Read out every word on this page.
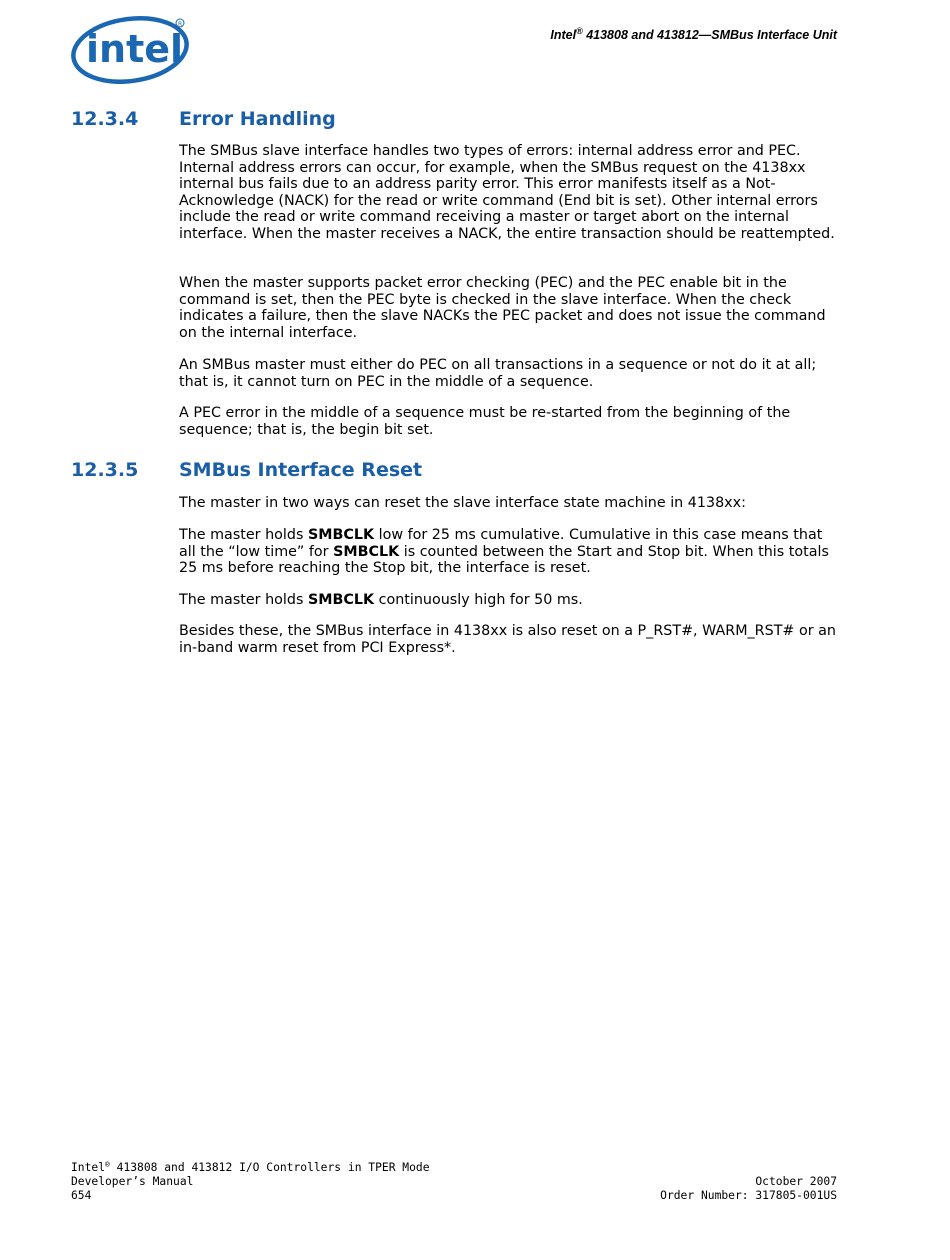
intel
R
Intel® 413808 and 413812—SMBus Interface Unit
12.3.4 Error Handling

The SMBus slave interface handles two types of errors: internal address error and PEC. Internal address errors can occur, for example, when the SMBus request on the 4138xx internal bus fails due to an address parity error. This error manifests itself as a Not-Acknowledge (NACK) for the read or write command (End bit is set). Other internal errors include the read or write command receiving a master or target abort on the internal interface. When the master receives a NACK, the entire transaction should be reattempted.

When the master supports packet error checking (PEC) and the PEC enable bit in the command is set, then the PEC byte is checked in the slave interface. When the check indicates a failure, then the slave NACKs the PEC packet and does not issue the command on the internal interface.

An SMBus master must either do PEC on all transactions in a sequence or not do it at all; that is, it cannot turn on PEC in the middle of a sequence.

A PEC error in the middle of a sequence must be re-started from the beginning of the sequence; that is, the begin bit set.

12.3.5 SMBus Interface Reset

The master in two ways can reset the slave interface state machine in 4138xx:

The master holds SMBCLK low for 25 ms cumulative. Cumulative in this case means that all the “low time” for SMBCLK is counted between the Start and Stop bit. When this totals 25 ms before reaching the Stop bit, the interface is reset.

The master holds SMBCLK continuously high for 50 ms.

Besides these, the SMBus interface in 4138xx is also reset on a P_RST#, WARM_RST# or an in-band warm reset from PCI Express*.

Intel® 413808 and 413812 I/O Controllers in TPER Mode
Developer’s Manual
654

October 2007
Order Number: 317805-001US
